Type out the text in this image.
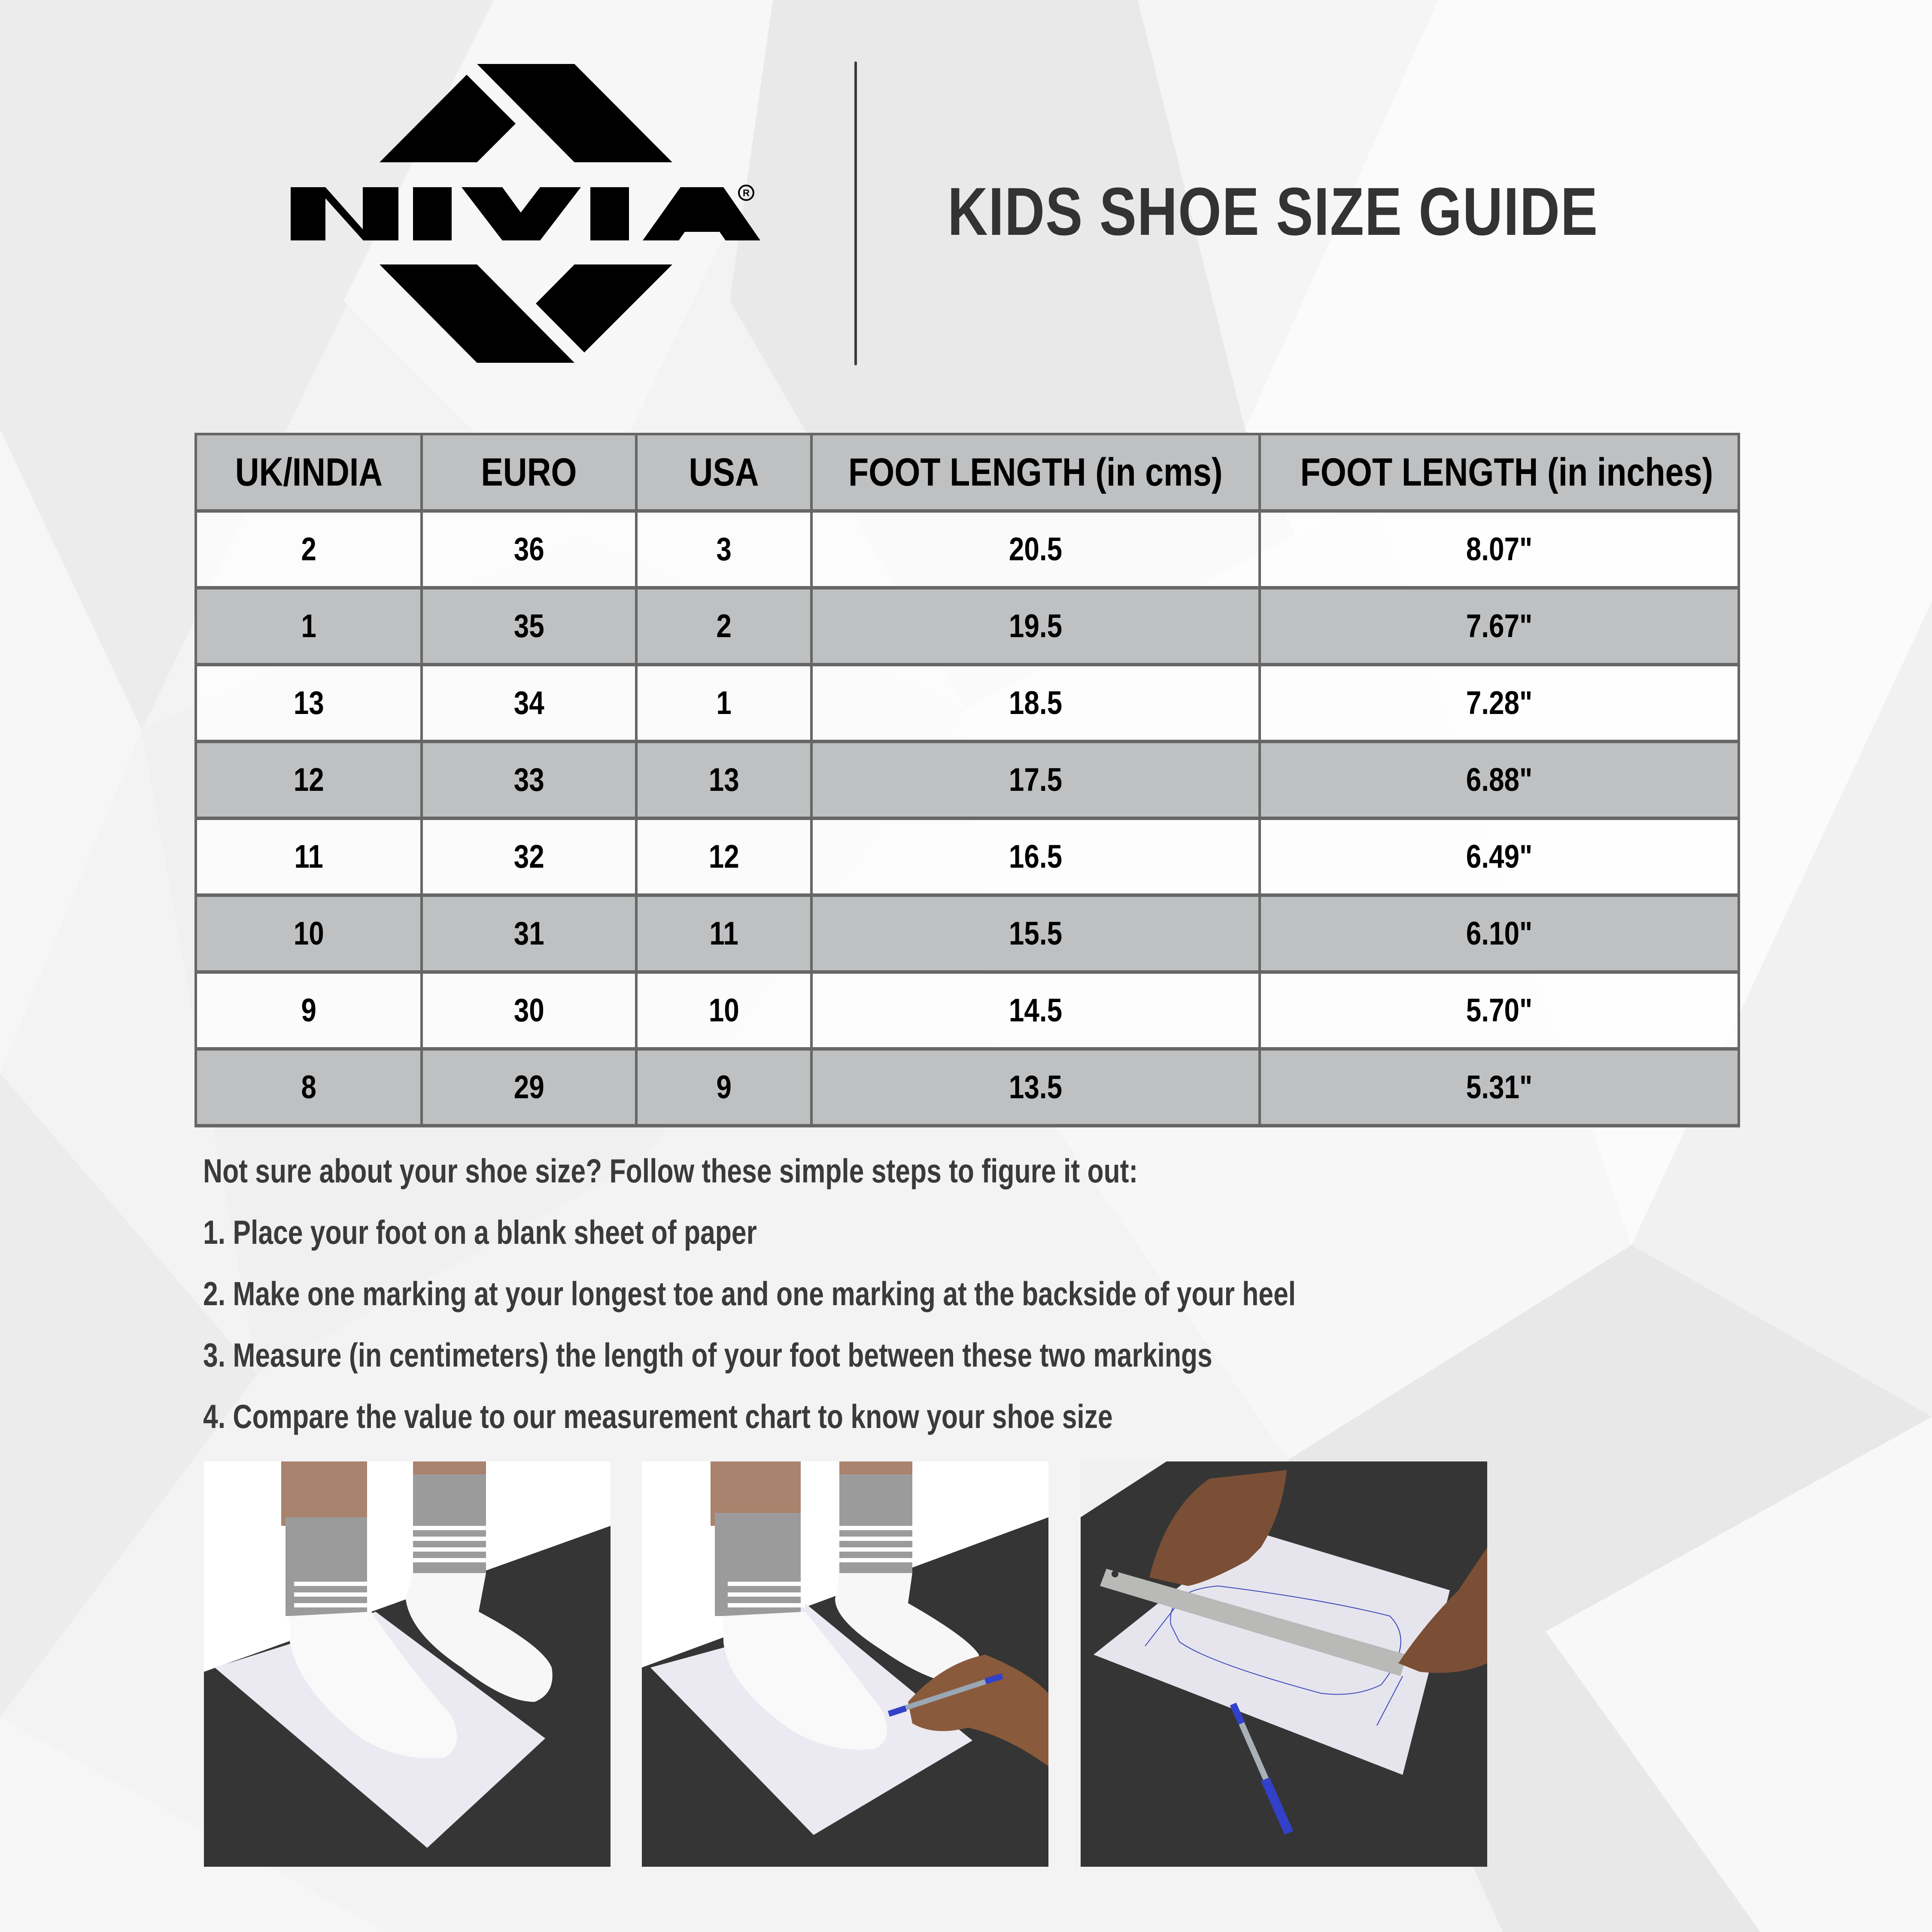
R	KIDS SHOE SIZE GUIDE
UK/INDIA	EURO	USA	FOOT LENGTH (in cms)	FOOT LENGTH (in inches)
2	36	3	20.5	8.07"
1	35	2	19.5	7.67"
13	34	1	18.5	7.28"
12	33	13	17.5	6.88"
11	32	12	16.5	6.49"
10	31	11	15.5	6.10"
9	30	10	14.5	5.70"
8	29	9	13.5	5.31"
Not sure about your shoe size? Follow these simple steps to figure it out:
1. Place your foot on a blank sheet of paper
2. Make one marking at your longest toe and one marking at the backside of your heel
3. Measure (in centimeters) the length of your foot between these two markings
4. Compare the value to our measurement chart to know your shoe size
